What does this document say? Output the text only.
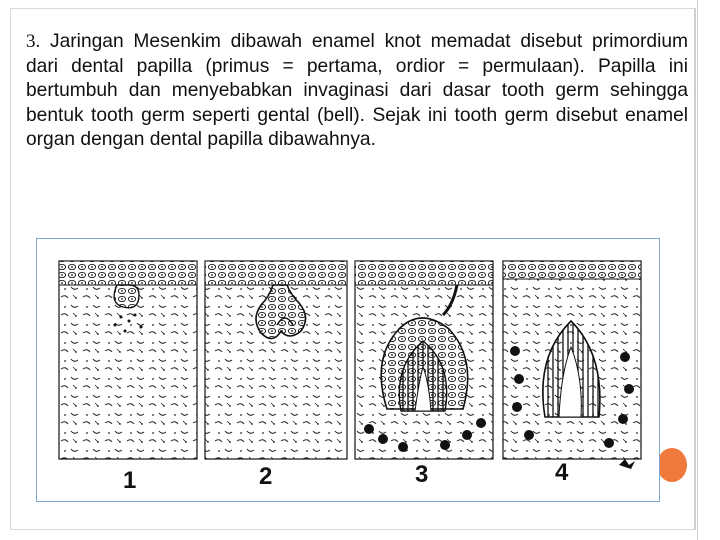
3. Jaringan Mesenkim dibawah enamel knot memadat disebut primordium dari dental papilla (primus = pertama, ordior = permulaan). Papilla ini bertumbuh dan menyebabkan invaginasi dari dasar tooth germ sehingga bentuk tooth germ seperti gental (bell). Sejak ini tooth germ disebut enamel organ dengan dental papilla dibawahnya.

1	2	3	4
